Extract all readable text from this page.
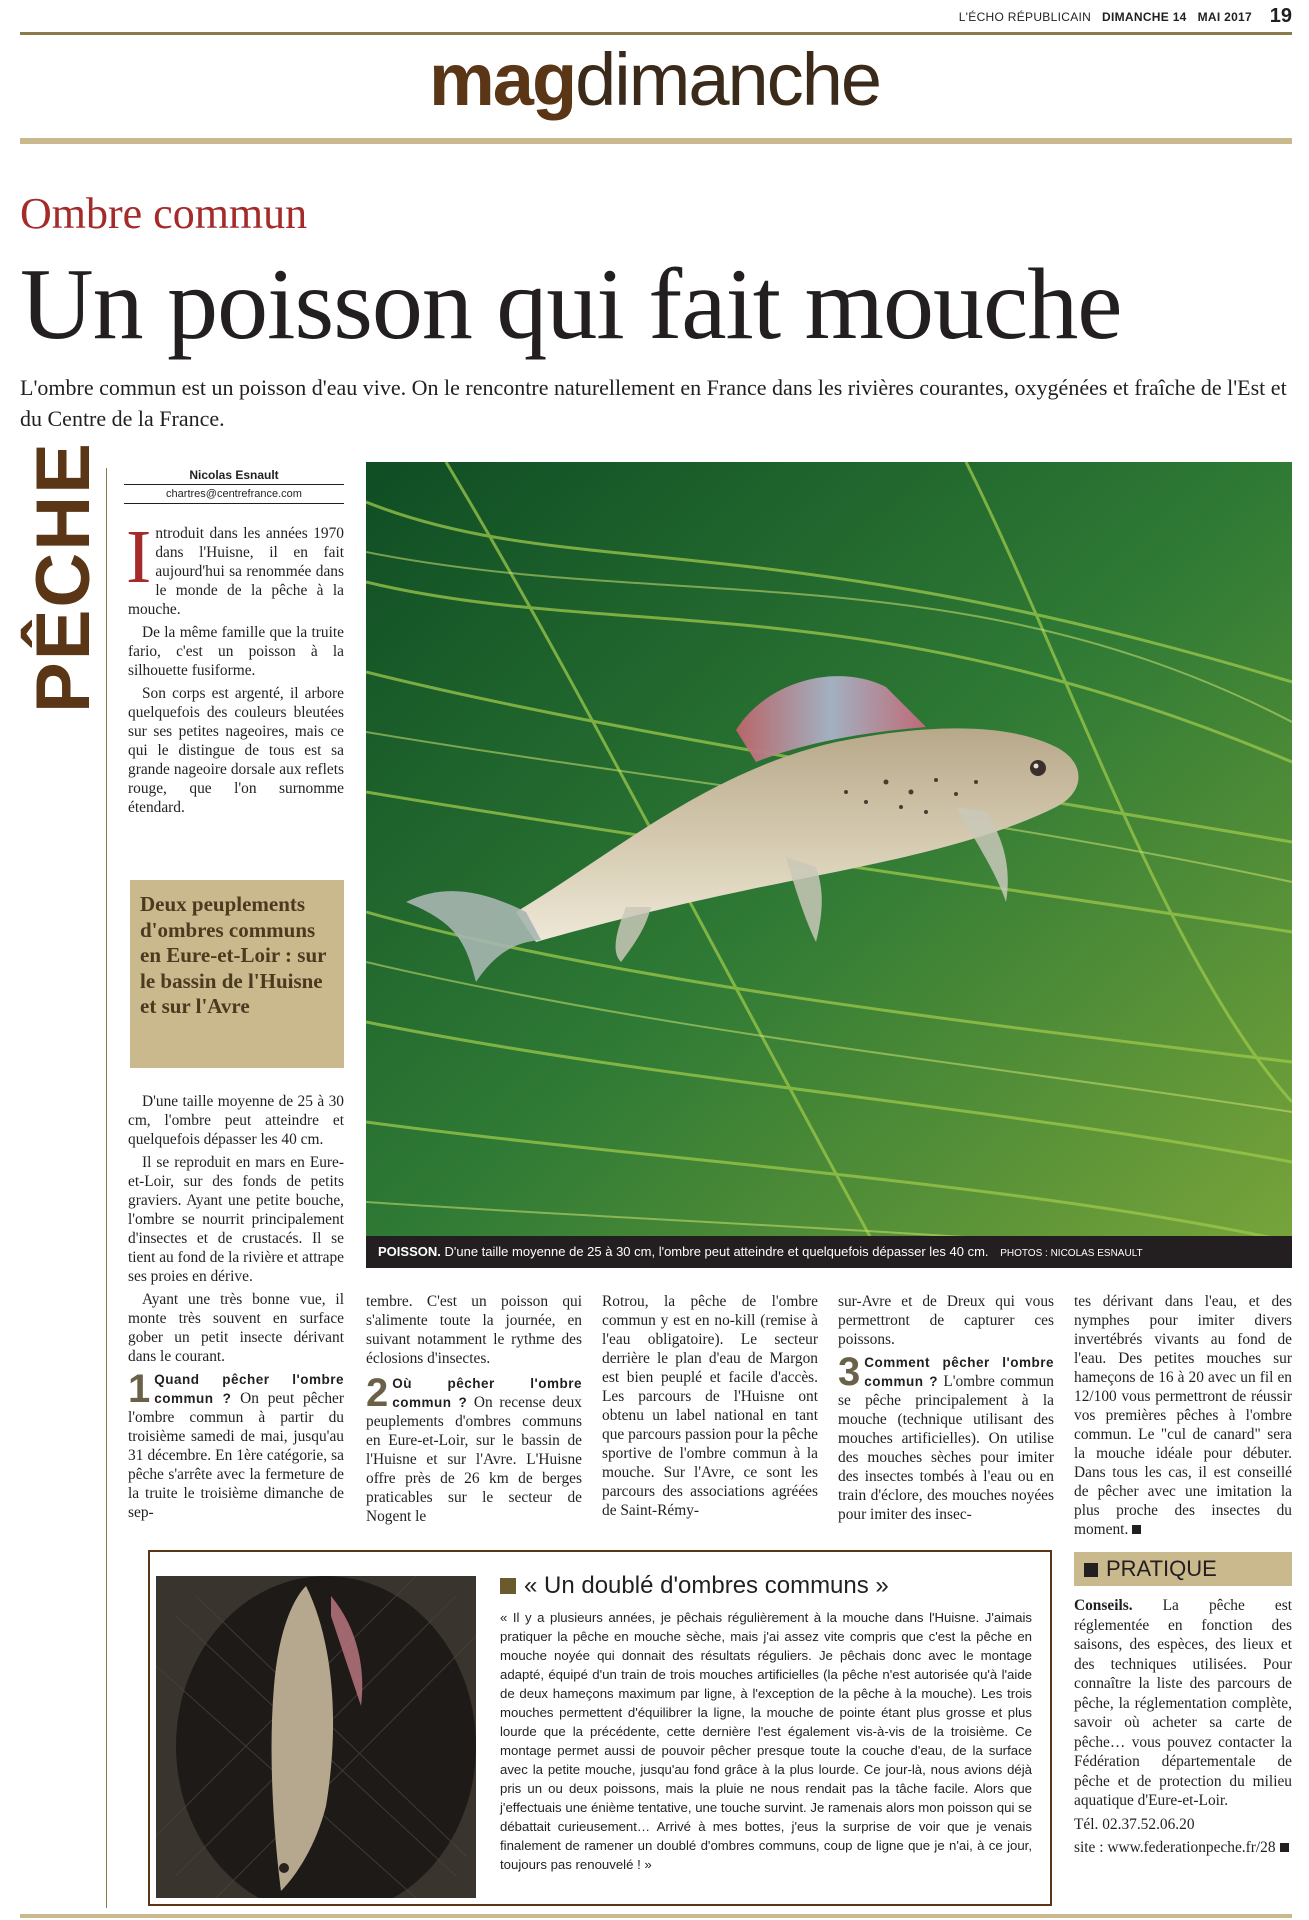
L'ÉCHO RÉPUBLICAIN DIMANCHE 14 MAI 2017 19
magdimanche
Ombre commun
Un poisson qui fait mouche
L'ombre commun est un poisson d'eau vive. On le rencontre naturellement en France dans les rivières courantes, oxygénées et fraîche de l'Est et du Centre de la France.
PÊCHE	Nicolas Esnault
chartres@centrefrance.com

Introduit dans les années 1970 dans l'Huisne, il en fait aujourd'hui sa renommée dans le monde de la pêche à la mouche.

De la même famille que la truite fario, c'est un poisson à la silhouette fusiforme.

Son corps est argenté, il arbore quelquefois des couleurs bleutées sur ses petites nageoires, mais ce qui le distingue de tous est sa grande nageoire dorsale aux reflets rouge, que l'on surnomme étendard.

Deux peuplements d'ombres communs en Eure-et-Loir : sur le bassin de l'Huisne et sur l'Avre

D'une taille moyenne de 25 à 30 cm, l'ombre peut atteindre et quelquefois dépasser les 40 cm.

Il se reproduit en mars en Eure-et-Loir, sur des fonds de petits graviers. Ayant une petite bouche, l'ombre se nourrit principalement d'insectes et de crustacés. Il se tient au fond de la rivière et attrape ses proies en dérive.

Ayant une très bonne vue, il monte très souvent en surface gober un petit insecte dérivant dans le courant.

1 Quand pêcher l'ombre commun ? On peut pêcher l'ombre commun à partir du troisième samedi de mai, jusqu'au 31 décembre. En 1ère catégorie, sa pêche s'arrête avec la fermeture de la truite le troisième dimanche de sep-

POISSON. D'une taille moyenne de 25 à 30 cm, l'ombre peut atteindre et quelquefois dépasser les 40 cm. PHOTOS : NICOLAS ESNAULT

tembre. C'est un poisson qui s'alimente toute la journée, en suivant notamment le rythme des éclosions d'insectes.

2 Où pêcher l'ombre commun ? On recense deux peuplements d'ombres communs en Eure-et-Loir, sur le bassin de l'Huisne et sur l'Avre. L'Huisne offre près de 26 km de berges praticables sur le secteur de Nogent le

Rotrou, la pêche de l'ombre commun y est en no-kill (remise à l'eau obligatoire). Le secteur derrière le plan d'eau de Margon est bien peuplé et facile d'accès. Les parcours de l'Huisne ont obtenu un label national en tant que parcours passion pour la pêche sportive de l'ombre commun à la mouche. Sur l'Avre, ce sont les parcours des associations agréées de Saint-Rémy-

sur-Avre et de Dreux qui vous permettront de capturer ces poissons.

3 Comment pêcher l'ombre commun ? L'ombre commun se pêche principalement à la mouche (technique utilisant des mouches artificielles). On utilise des mouches sèches pour imiter des insectes tombés à l'eau ou en train d'éclore, des mouches noyées pour imiter des insec-

tes dérivant dans l'eau, et des nymphes pour imiter divers invertébrés vivants au fond de l'eau. Des petites mouches sur hameçons de 16 à 20 avec un fil en 12/100 vous permettront de réussir vos premières pêches à l'ombre commun. Le "cul de canard" sera la mouche idéale pour débuter. Dans tous les cas, il est conseillé de pêcher avec une imitation la plus proche des insectes du moment.

« Un doublé d'ombres communs »
« Il y a plusieurs années, je pêchais régulièrement à la mouche dans l'Huisne. J'aimais pratiquer la pêche en mouche sèche, mais j'ai assez vite compris que c'est la pêche en mouche noyée qui donnait des résultats réguliers. Je pêchais donc avec le montage adapté, équipé d'un train de trois mouches artificielles (la pêche n'est autorisée qu'à l'aide de deux hameçons maximum par ligne, à l'exception de la pêche à la mouche). Les trois mouches permettent d'équilibrer la ligne, la mouche de pointe étant plus grosse et plus lourde que la précédente, cette dernière l'est également vis-à-vis de la troisième. Ce montage permet aussi de pouvoir pêcher presque toute la couche d'eau, de la surface avec la petite mouche, jusqu'au fond grâce à la plus lourde. Ce jour-là, nous avions déjà pris un ou deux poissons, mais la pluie ne nous rendait pas la tâche facile. Alors que j'effectuais une énième tentative, une touche survint. Je ramenais alors mon poisson qui se débattait curieusement… Arrivé à mes bottes, j'eus la surprise de voir que je venais finalement de ramener un doublé d'ombres communs, coup de ligne que je n'ai, à ce jour, toujours pas renouvelé ! »
PRATIQUE
Conseils. La pêche est réglementée en fonction des saisons, des espèces, des lieux et des techniques utilisées. Pour connaître la liste des parcours de pêche, la réglementation complète, savoir où acheter sa carte de pêche… vous pouvez contacter la Fédération départementale de pêche et de protection du milieu aquatique d'Eure-et-Loir.
Tél. 02.37.52.06.20
site : www.federationpeche.fr/28
